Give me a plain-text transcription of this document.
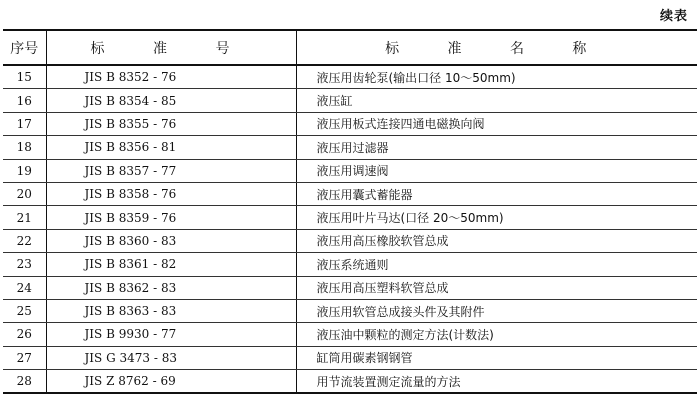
续表
序号	标 准 号	标 准 名 称
15	JIS B 8352 - 76	液压用齿轮泵(输出口径 10～50mm)
16	JIS B 8354 - 85	液压缸
17	JIS B 8355 - 76	液压用板式连接四通电磁换向阀
18	JIS B 8356 - 81	液压用过滤器
19	JIS B 8357 - 77	液压用调速阀
20	JIS B 8358 - 76	液压用囊式蓄能器
21	JIS B 8359 - 76	液压用叶片马达(口径 20～50mm)
22	JIS B 8360 - 83	液压用高压橡胶软管总成
23	JIS B 8361 - 82	液压系统通则
24	JIS B 8362 - 83	液压用高压塑料软管总成
25	JIS B 8363 - 83	液压用软管总成接头件及其附件
26	JIS B 9930 - 77	液压油中颗粒的测定方法(计数法)
27	JIS G 3473 - 83	缸筒用碳素钢钢管
28	JIS Z 8762 - 69	用节流装置测定流量的方法
